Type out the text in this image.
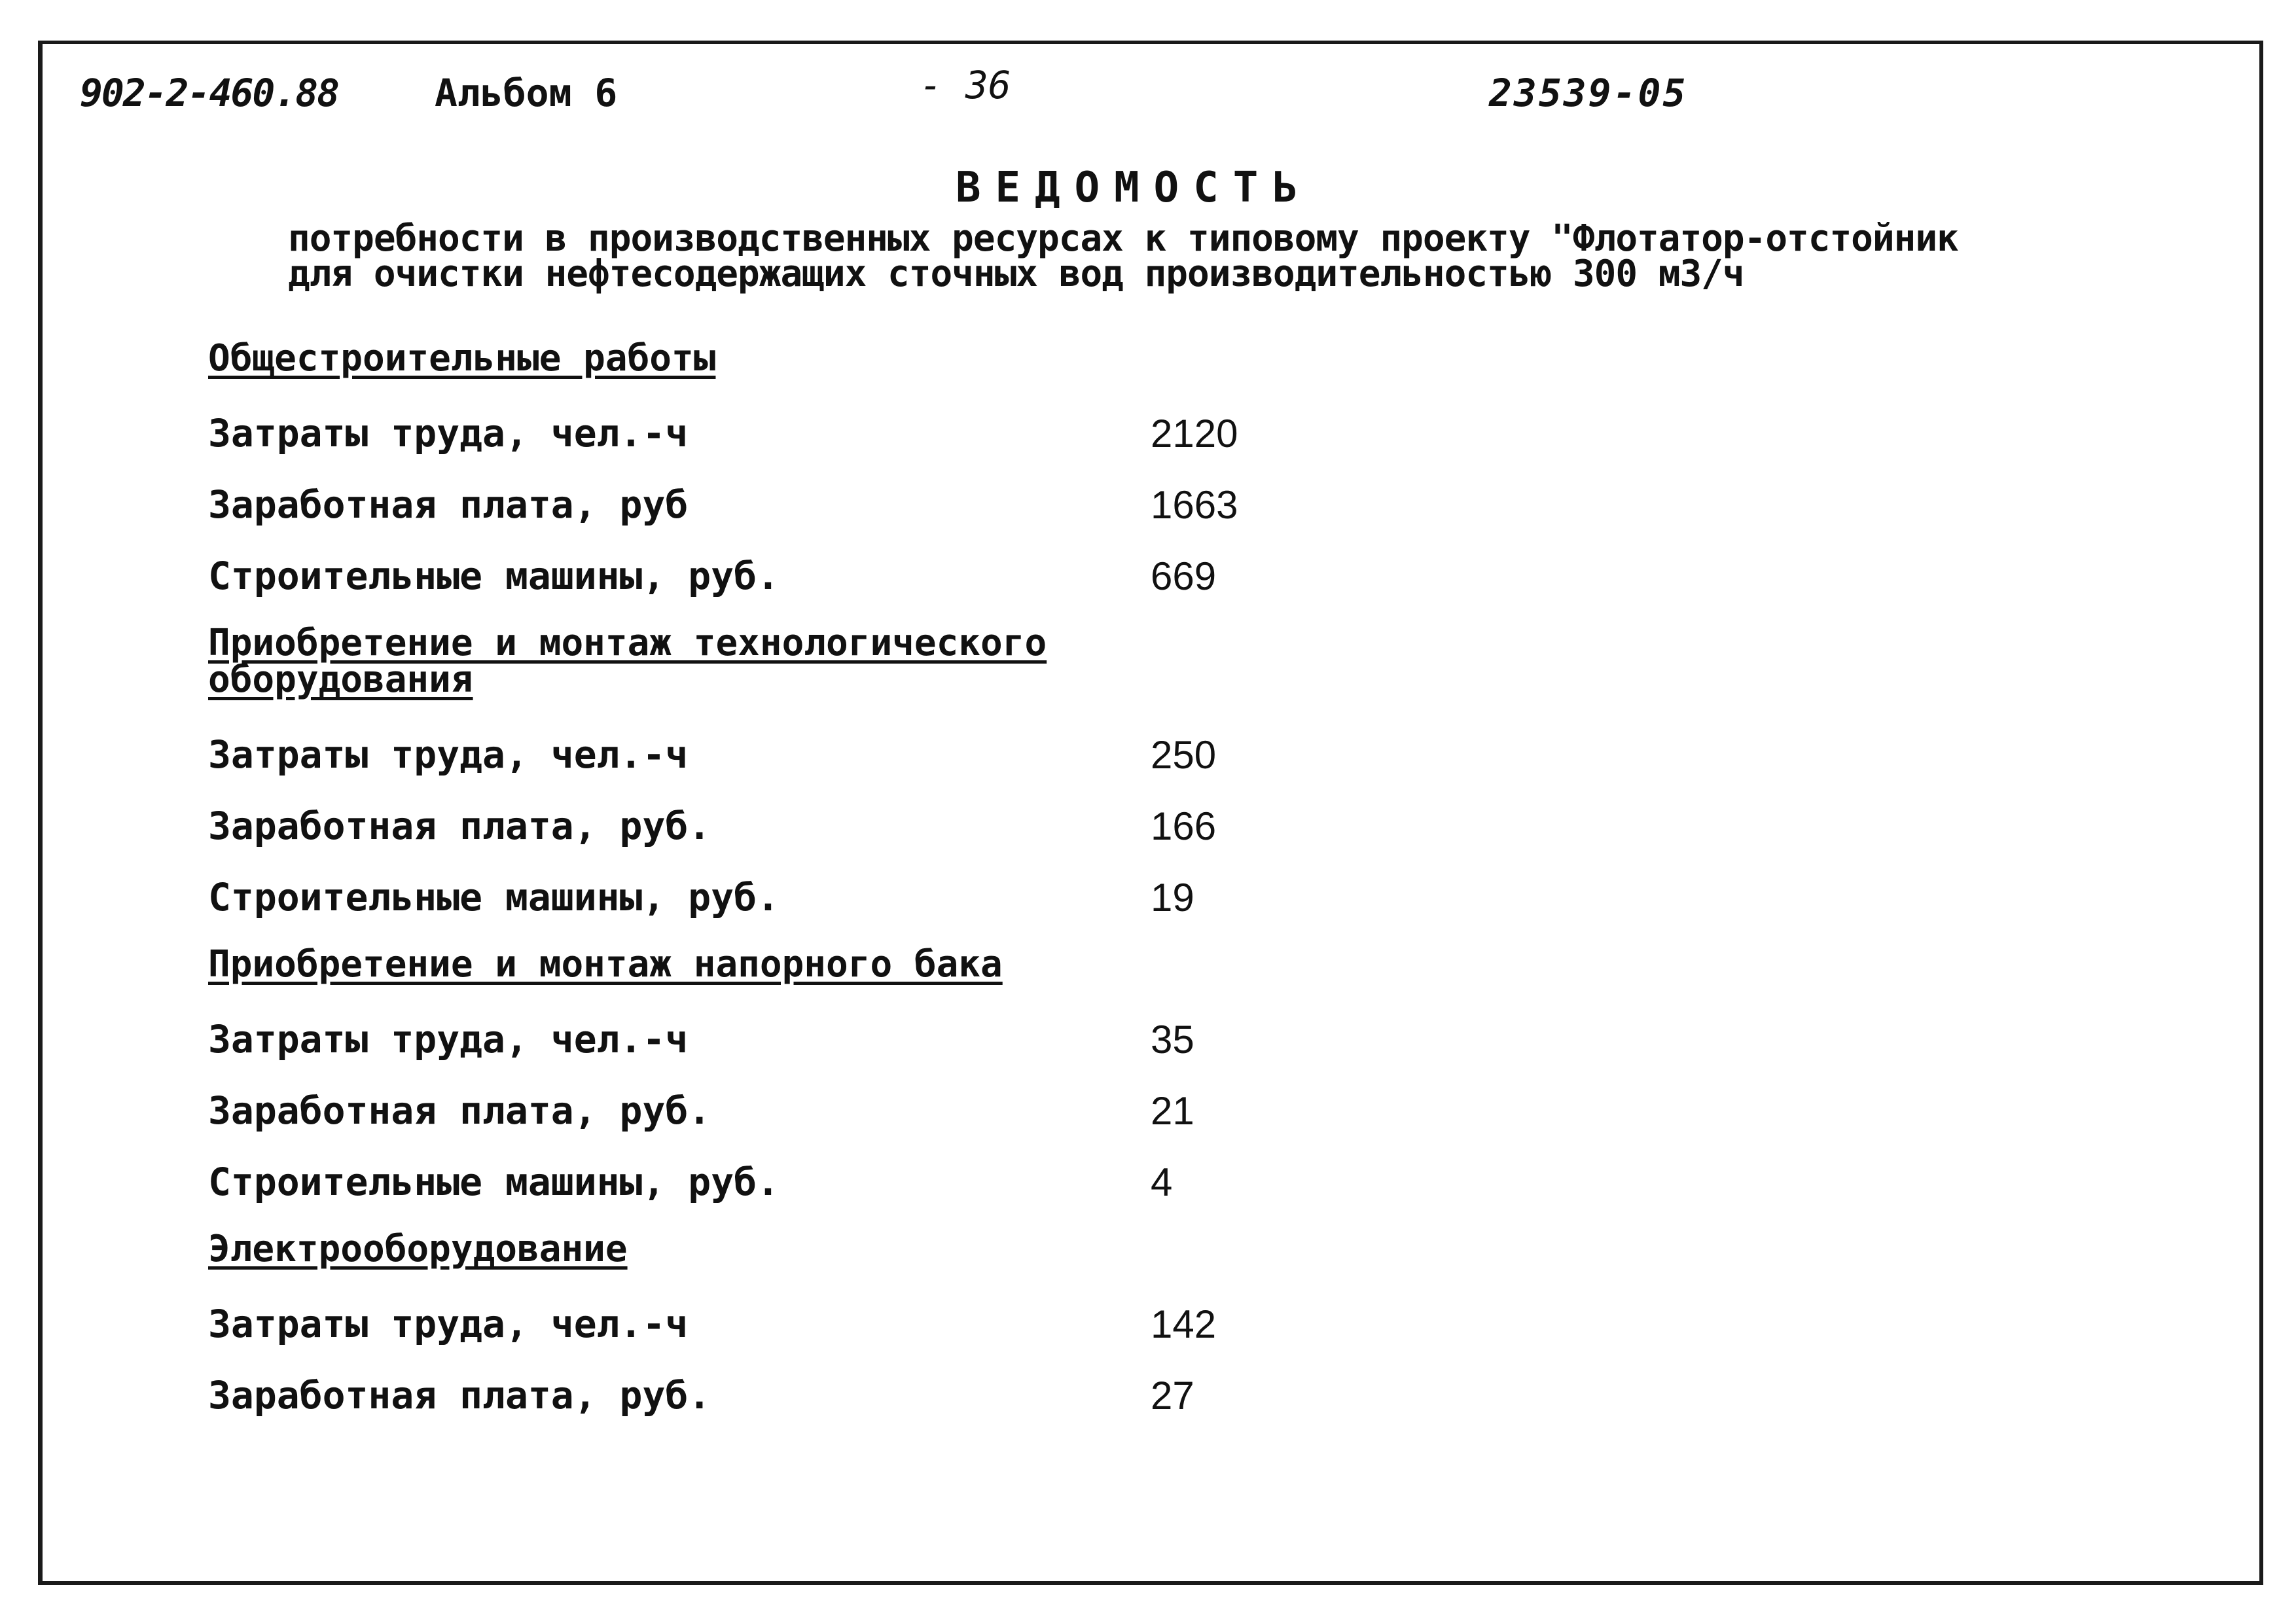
902-2-460.88	Альбом 6	- 36	23539-05
ВЕДОМОСТЬ
потребности в производственных ресурсах к типовому проекту "Флотатор-отстойник
для очистки нефтесодержащих сточных вод производительностью 300 м3/ч
Общестроительные работы
Затраты труда, чел.-ч	2120
Заработная плата, руб	1663
Строительные машины, руб.	669
Приобретение и монтаж технологического
оборудования
Затраты труда, чел.-ч	250
Заработная плата, руб.	166
Строительные машины, руб.	19
Приобретение и монтаж напорного бака
Затраты труда, чел.-ч	35
Заработная плата, руб.	21
Строительные машины, руб.	4
Электрооборудование
Затраты труда, чел.-ч	142
Заработная плата, руб.	27
